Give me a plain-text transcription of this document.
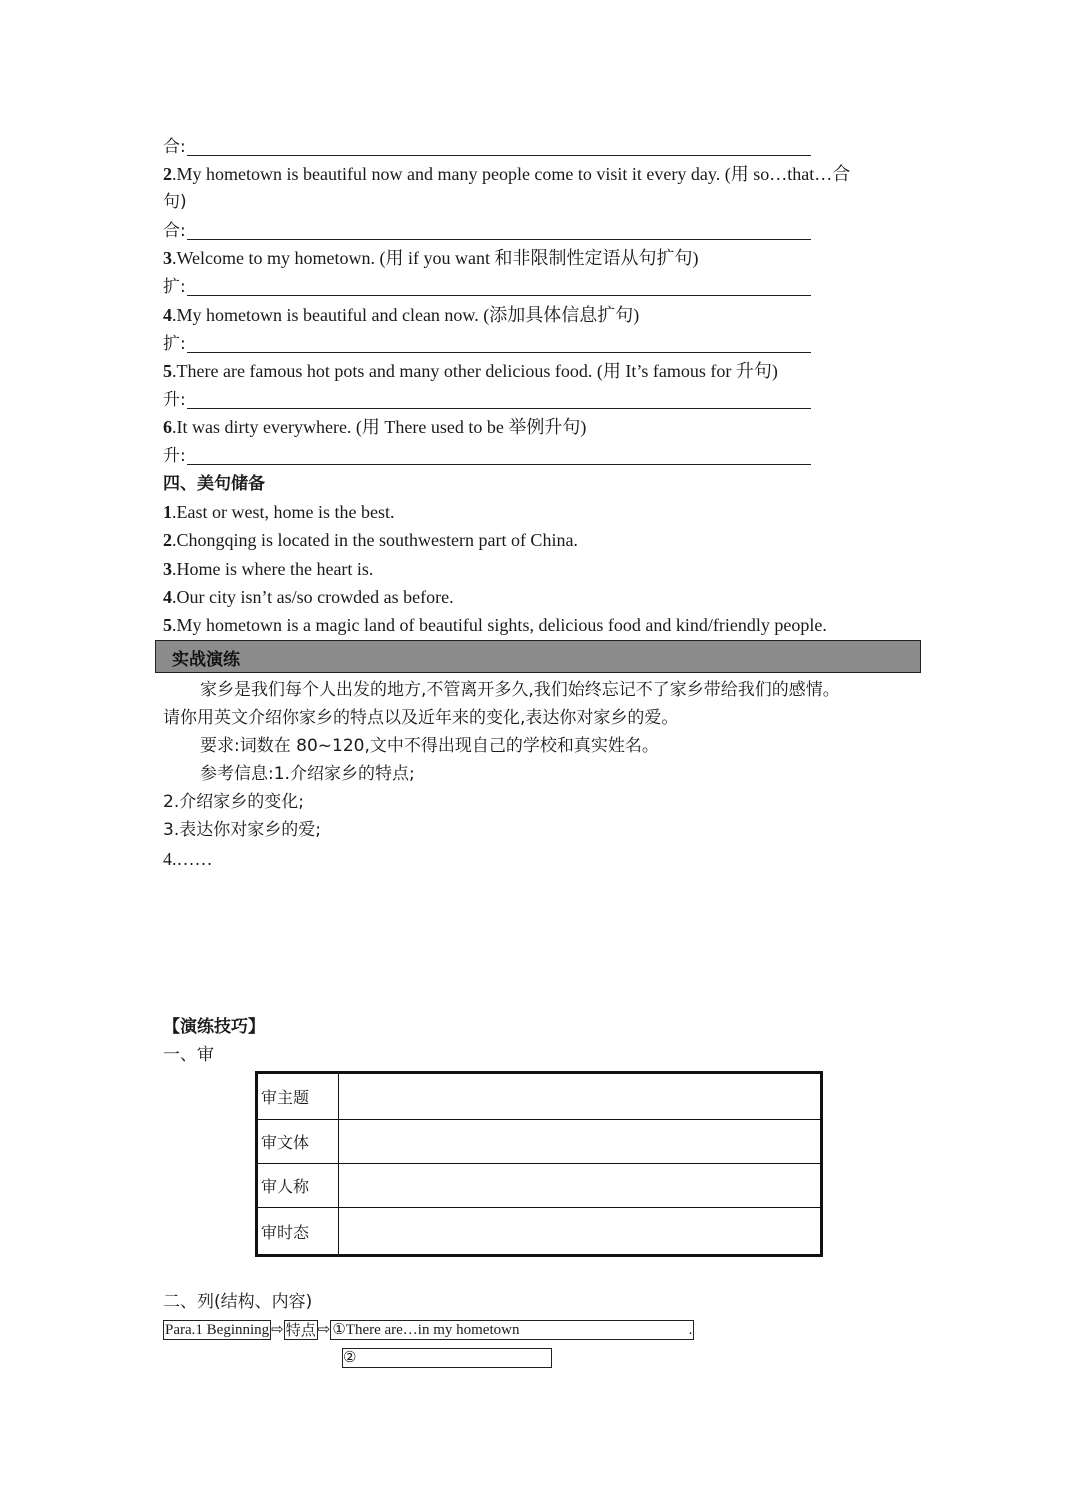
合:
2.My hometown is beautiful now and many people come to visit it every day. (用 so…that…合
句)
合:
3.Welcome to my hometown. (用 if you want 和非限制性定语从句扩句)
扩:
4.My hometown is beautiful and clean now. (添加具体信息扩句)
扩:
5.There are famous hot pots and many other delicious food. (用 It’s famous for 升句)
升:
6.It was dirty everywhere. (用 There used to be 举例升句)
升:
四、美句储备
1.East or west, home is the best.
2.Chongqing is located in the southwestern part of China.
3.Home is where the heart is.
4.Our city isn’t as/so crowded as before.
5.My hometown is a magic land of beautiful sights, delicious food and kind/friendly people.
实战演练
家乡是我们每个人出发的地方,不管离开多久,我们始终忘记不了家乡带给我们的感情。
请你用英文介绍你家乡的特点以及近年来的变化,表达你对家乡的爱。
要求:词数在 80~120,文中不得出现自己的学校和真实姓名。
参考信息:1.介绍家乡的特点;
2.介绍家乡的变化;
3.表达你对家乡的爱;
4.……
【演练技巧】
一、审
审主题	
审文体	
审人称	
审时态	
二、列(结构、内容)
Para.1 Beginning ⇨ 特点 ⇨ ①There are…in my hometown	.
②
